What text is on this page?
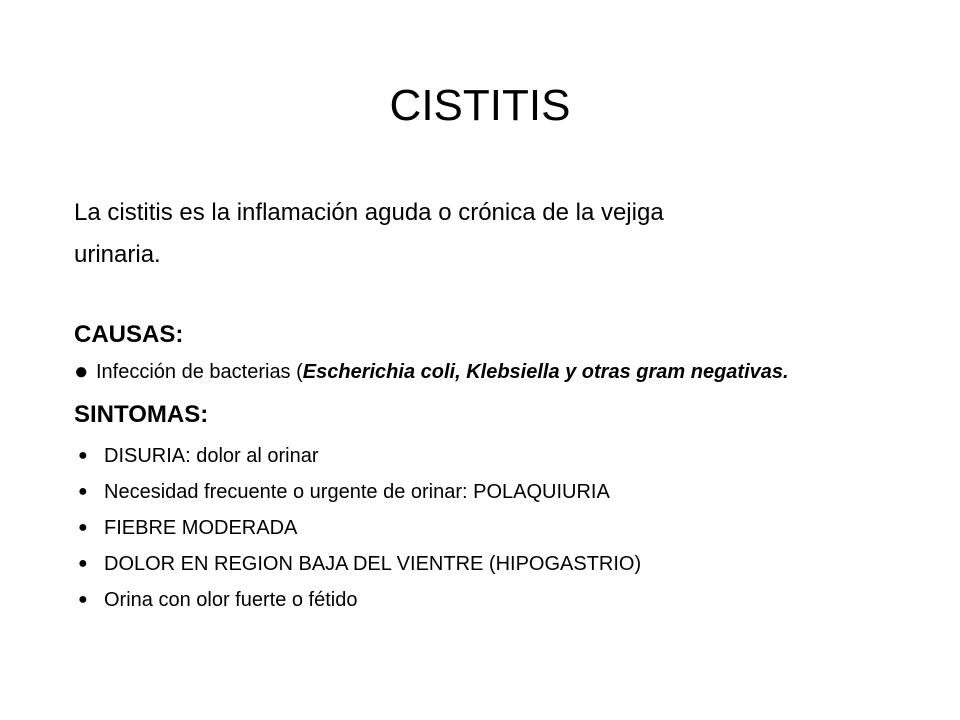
CISTITIS

La cistitis es la inflamación aguda o crónica de la vejiga
urinaria.

CAUSAS:

● Infección de bacterias (Escherichia coli, Klebsiella y otras gram negativas.

SINTOMAS:

● DISURIA: dolor al orinar
● Necesidad frecuente o urgente de orinar: POLAQUIURIA
● FIEBRE MODERADA
● DOLOR EN REGION BAJA DEL VIENTRE (HIPOGASTRIO)
● Orina con olor fuerte o fétido
